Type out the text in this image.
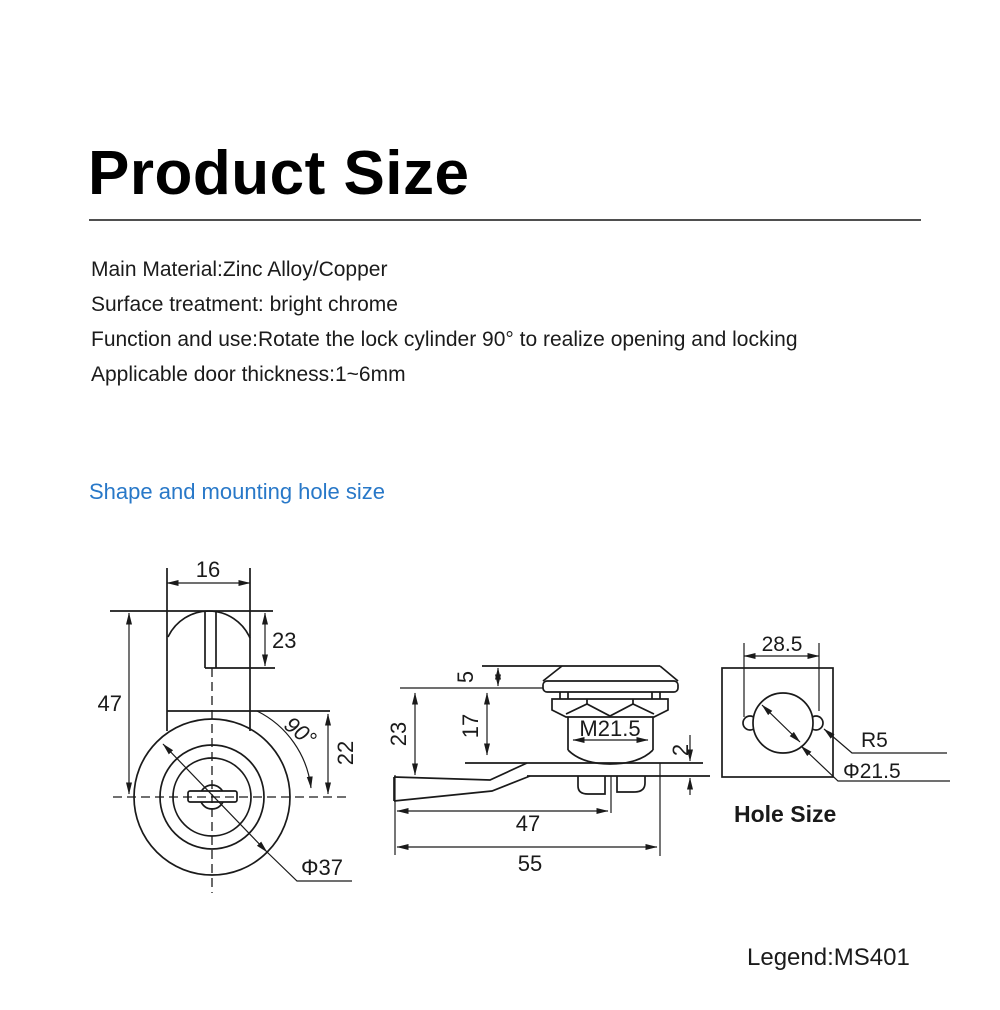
Product Size
Main Material:Zinc Alloy/Copper
Surface treatment: bright chrome
Function and use:Rotate the lock cylinder 90° to realize opening and locking
Applicable door thickness:1~6mm
Shape and mounting hole size
16
23
47
90°
22
Φ37
5
23 17	M21.5
2
47
55
28.5
R5
Φ21.5
Hole Size
Legend:MS401
